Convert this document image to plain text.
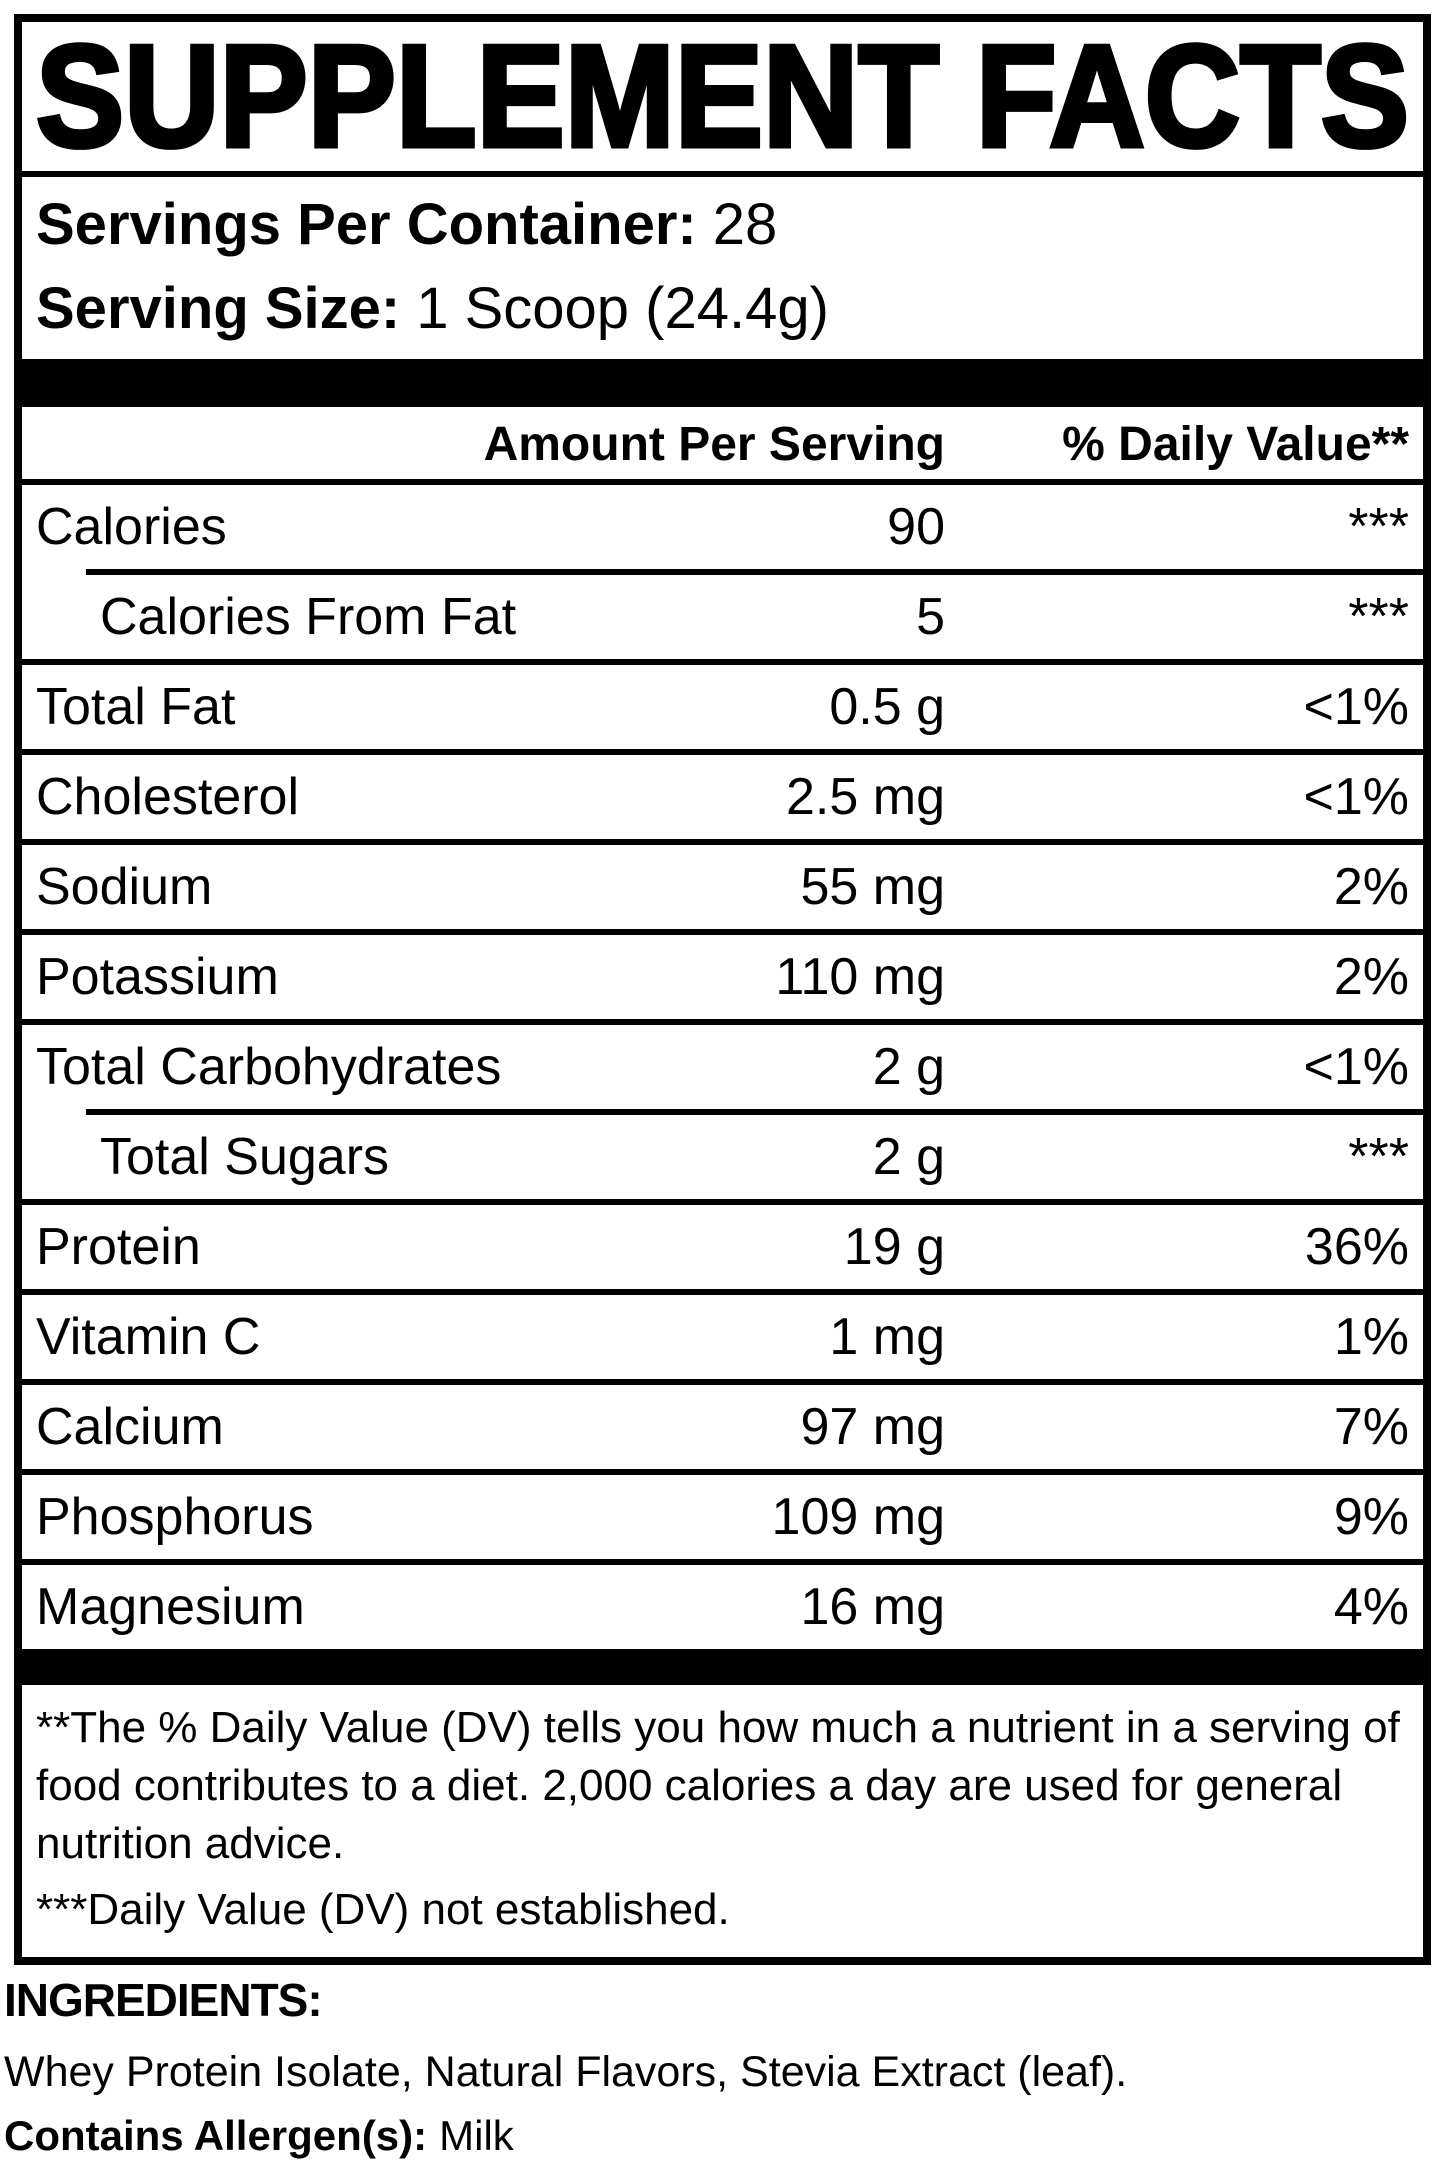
SUPPLEMENT FACTS
Servings Per Container: 28
Serving Size: 1 Scoop (24.4g)
Amount Per Serving	% Daily Value**
Calories	90	***
Calories From Fat	5	***
Total Fat	0.5 g	<1%
Cholesterol	2.5 mg	<1%
Sodium	55 mg	2%
Potassium	110 mg	2%
Total Carbohydrates	2 g	<1%
Total Sugars	2 g	***
Protein	19 g	36%
Vitamin C	1 mg	1%
Calcium	97 mg	7%
Phosphorus	109 mg	9%
Magnesium	16 mg	4%
**The % Daily Value (DV) tells you how much a nutrient in a serving of food contributes to a diet. 2,000 calories a day are used for general nutrition advice.
***Daily Value (DV) not established.
INGREDIENTS:
Whey Protein Isolate, Natural Flavors, Stevia Extract (leaf).
Contains Allergen(s): Milk
